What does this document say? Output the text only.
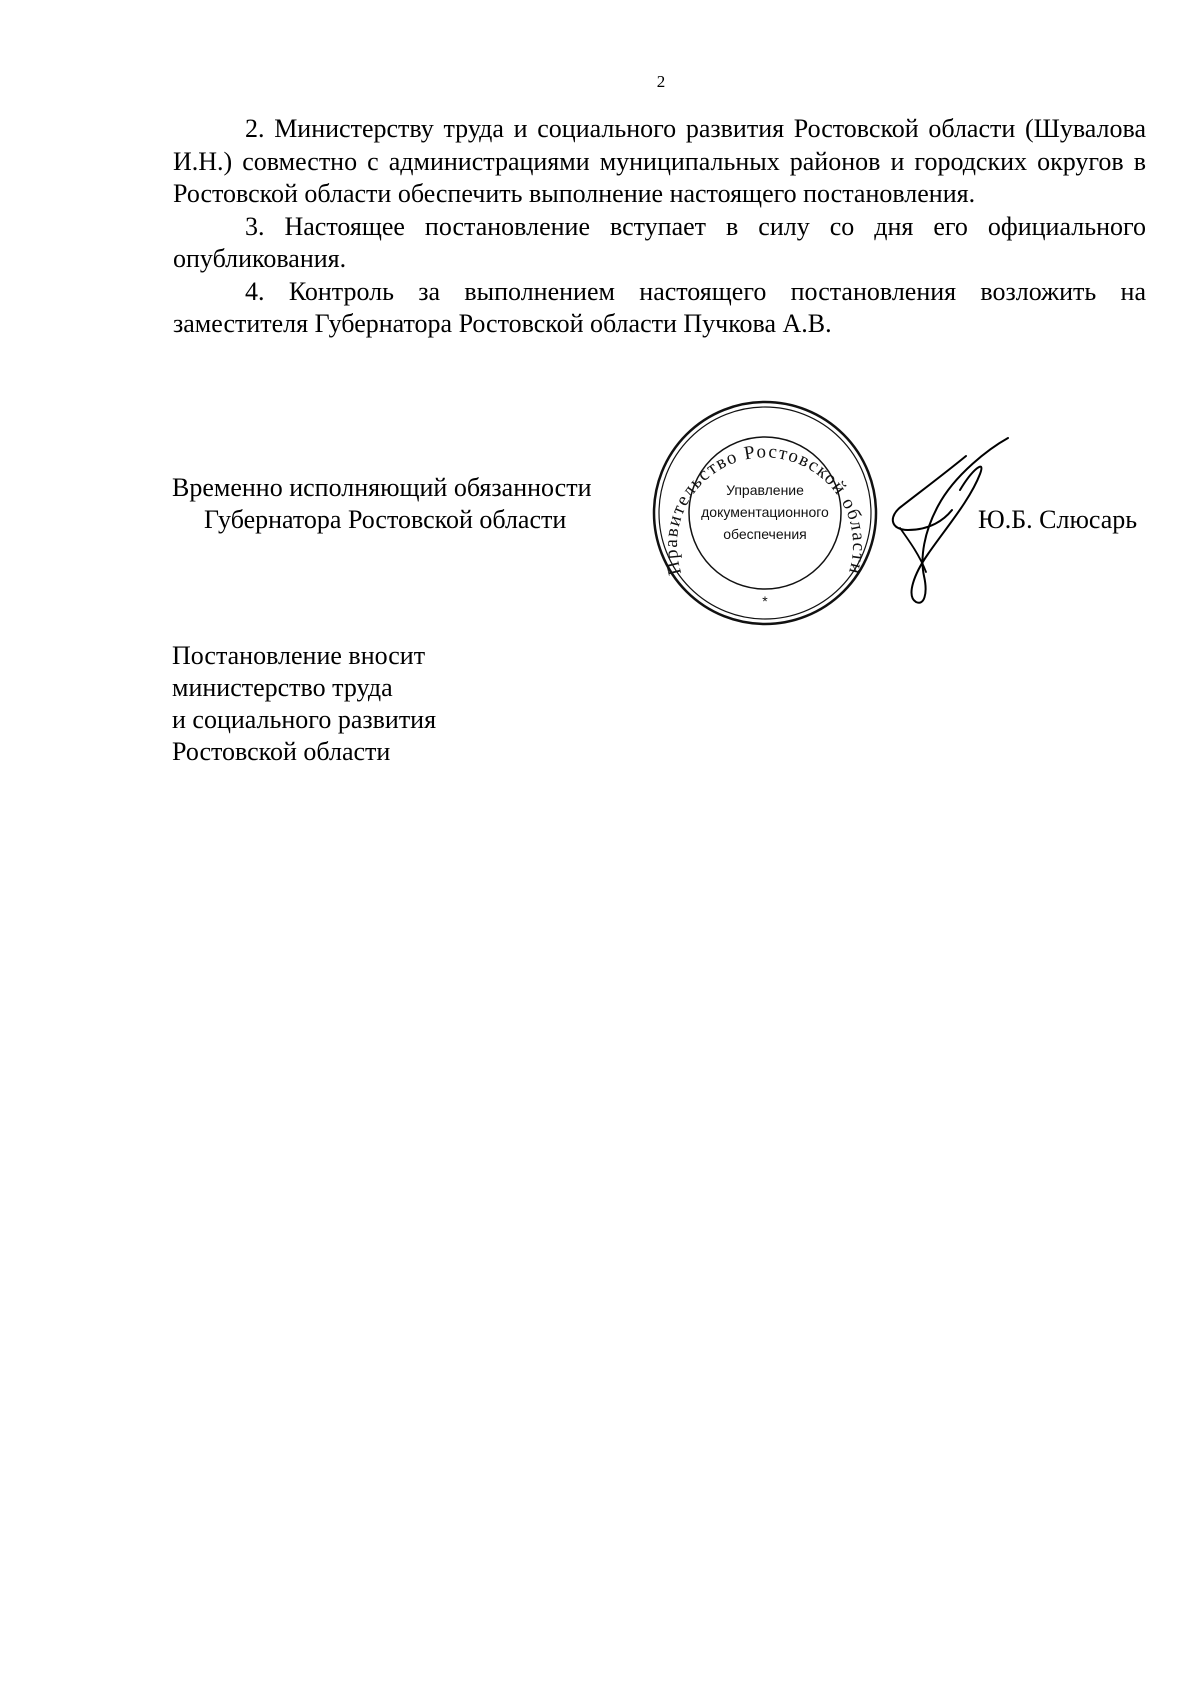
2

2. Министерству труда и социального развития Ростовской области (Шувалова И.Н.) совместно с администрациями муниципальных районов и городских округов в Ростовской области обеспечить выполнение настоящего постановления.

3. Настоящее постановление вступает в силу со дня его официального опубликования.

4. Контроль за выполнением настоящего постановления возложить на заместителя Губернатора Ростовской области Пучкова А.В.

Временно исполняющий обязанности
Губернатора Ростовской области
Правительство Ростовской области
Управление
документационного
обеспечения
*
Ю.Б. Слюсарь
Постановление вносит
министерство труда
и социального развития
Ростовской области
